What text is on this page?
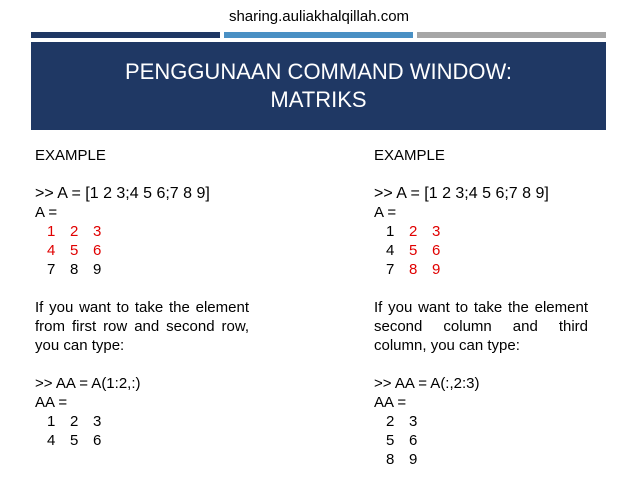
sharing.auliakhalqillah.com
PENGGUNAAN COMMAND WINDOW:
MATRIKS
EXAMPLE
>> A = [1 2 3;4 5 6;7 8 9]
A =
1 2 3
4 5 6
7 8 9
If you want to take the element from first row and second row, you can type:
>> AA = A(1:2,:)
AA =
1 2 3
4 5 6
EXAMPLE
>> A = [1 2 3;4 5 6;7 8 9]
A =
1 2 3
4 5 6
7 8 9
If you want to take the element second column and third column, you can type:
>> AA = A(:,2:3)
AA =
2 3
5 6
8 9
